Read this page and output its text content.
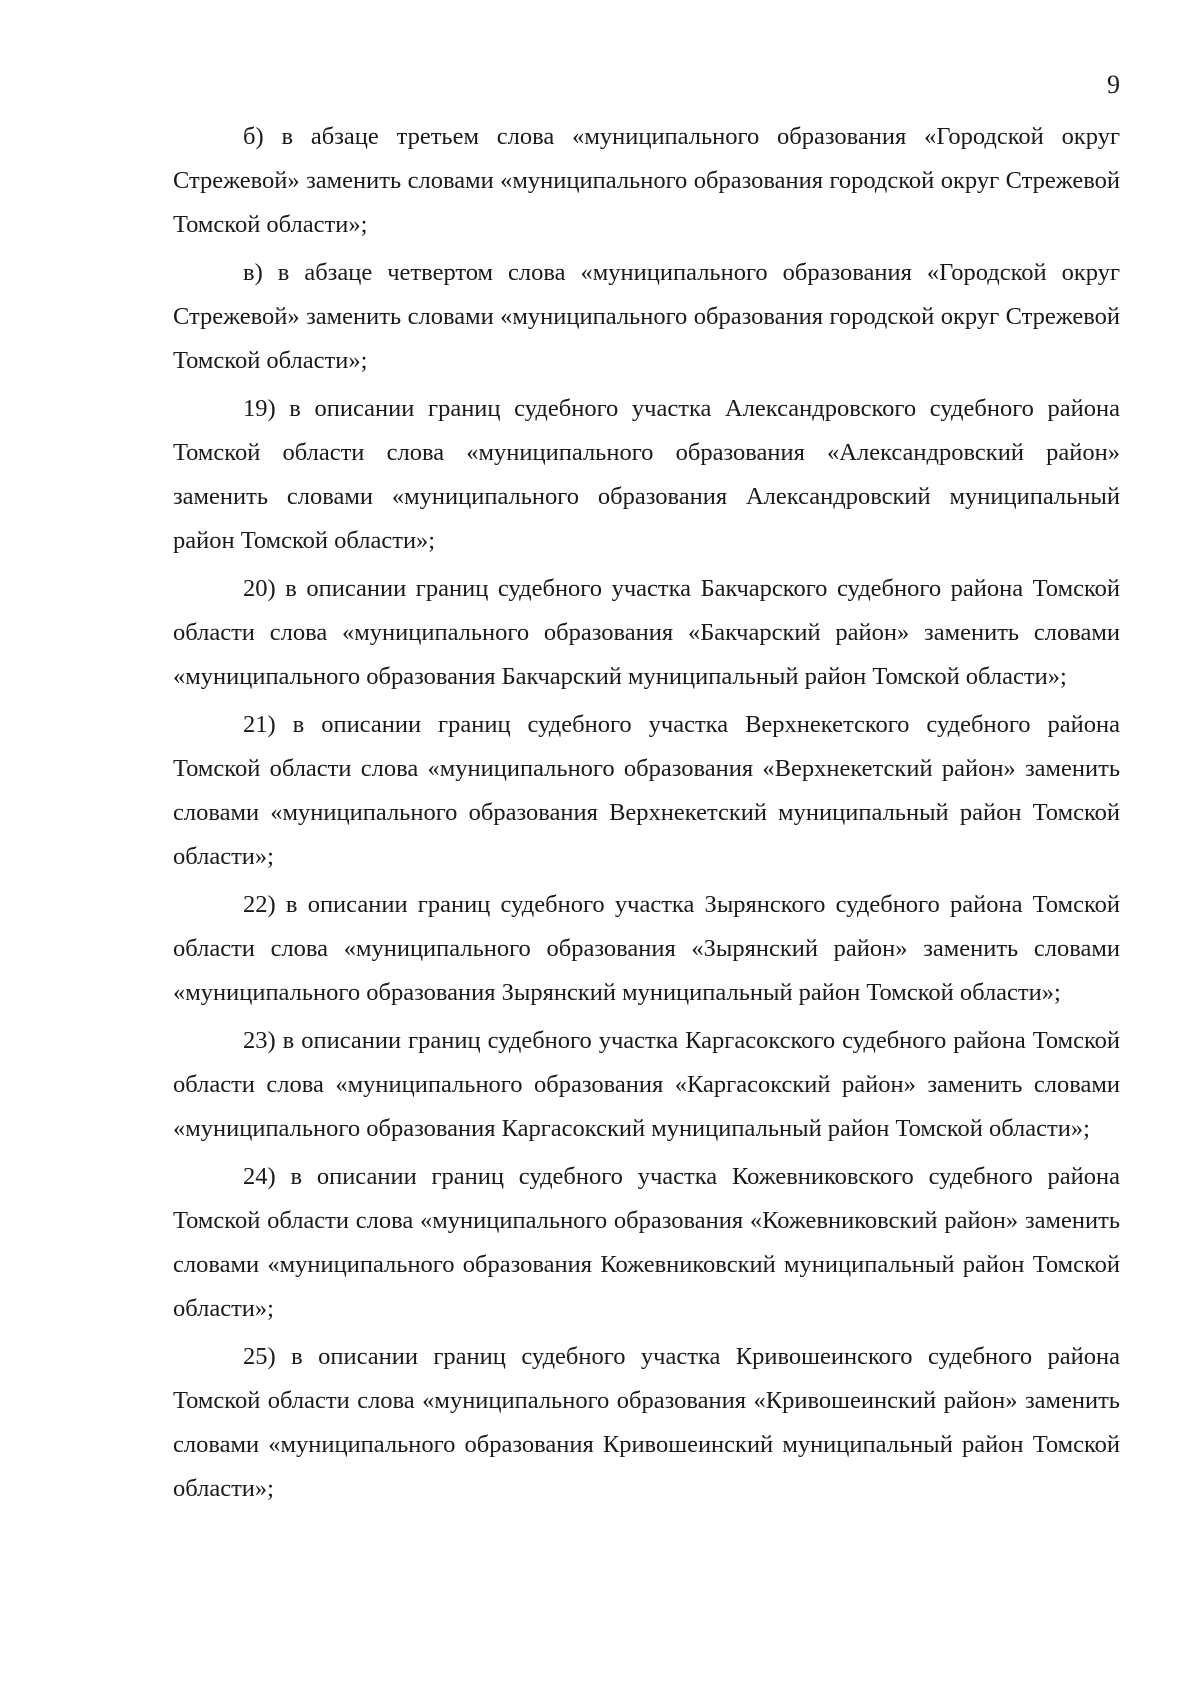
9

б) в абзаце третьем слова «муниципального образования «Городской округ Стрежевой» заменить словами «муниципального образования городской округ Стрежевой Томской области»;

в) в абзаце четвертом слова «муниципального образования «Городской округ Стрежевой» заменить словами «муниципального образования городской округ Стрежевой Томской области»;

19) в описании границ судебного участка Александровского судебного района Томской области слова «муниципального образования «Александровский район» заменить словами «муниципального образования Александровский муниципальный район Томской области»;

20) в описании границ судебного участка Бакчарского судебного района Томской области слова «муниципального образования «Бакчарский район» заменить словами «муниципального образования Бакчарский муниципальный район Томской области»;

21) в описании границ судебного участка Верхнекетского судебного района Томской области слова «муниципального образования «Верхнекетский район» заменить словами «муниципального образования Верхнекетский муниципальный район Томской области»;

22) в описании границ судебного участка Зырянского судебного района Томской области слова «муниципального образования «Зырянский район» заменить словами «муниципального образования Зырянский муниципальный район Томской области»;

23) в описании границ судебного участка Каргасокского судебного района Томской области слова «муниципального образования «Каргасокский район» заменить словами «муниципального образования Каргасокский муниципальный район Томской области»;

24) в описании границ судебного участка Кожевниковского судебного района Томской области слова «муниципального образования «Кожевниковский район» заменить словами «муниципального образования Кожевниковский муниципальный район Томской области»;

25) в описании границ судебного участка Кривошеинского судебного района Томской области слова «муниципального образования «Кривошеинский район» заменить словами «муниципального образования Кривошеинский муниципальный район Томской области»;
